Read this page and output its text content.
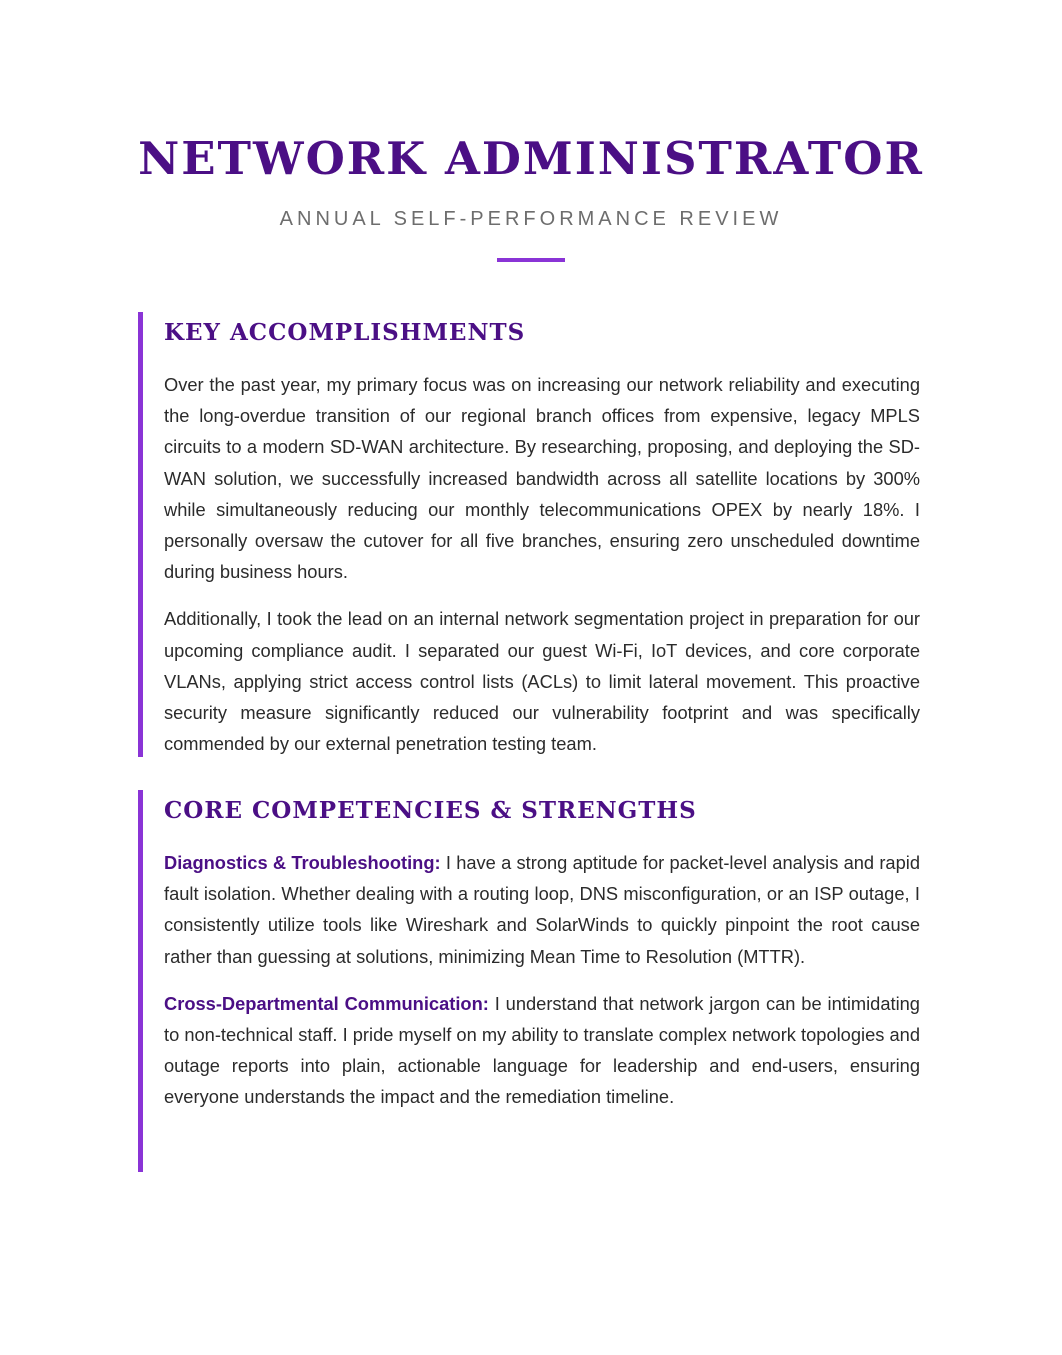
NETWORK ADMINISTRATOR
ANNUAL SELF-PERFORMANCE REVIEW
KEY ACCOMPLISHMENTS

Over the past year, my primary focus was on increasing our network reliability and executing the long-overdue transition of our regional branch offices from expensive, legacy MPLS circuits to a modern SD-WAN architecture. By researching, proposing, and deploying the SD-WAN solution, we successfully increased bandwidth across all satellite locations by 300% while simultaneously reducing our monthly telecommunications OPEX by nearly 18%. I personally oversaw the cutover for all five branches, ensuring zero unscheduled downtime during business hours.

Additionally, I took the lead on an internal network segmentation project in preparation for our upcoming compliance audit. I separated our guest Wi-Fi, IoT devices, and core corporate VLANs, applying strict access control lists (ACLs) to limit lateral movement. This proactive security measure significantly reduced our vulnerability footprint and was specifically commended by our external penetration testing team.

CORE COMPETENCIES & STRENGTHS

Diagnostics & Troubleshooting: I have a strong aptitude for packet-level analysis and rapid fault isolation. Whether dealing with a routing loop, DNS misconfiguration, or an ISP outage, I consistently utilize tools like Wireshark and SolarWinds to quickly pinpoint the root cause rather than guessing at solutions, minimizing Mean Time to Resolution (MTTR).

Cross-Departmental Communication: I understand that network jargon can be intimidating to non-technical staff. I pride myself on my ability to translate complex network topologies and outage reports into plain, actionable language for leadership and end-users, ensuring everyone understands the impact and the remediation timeline.
